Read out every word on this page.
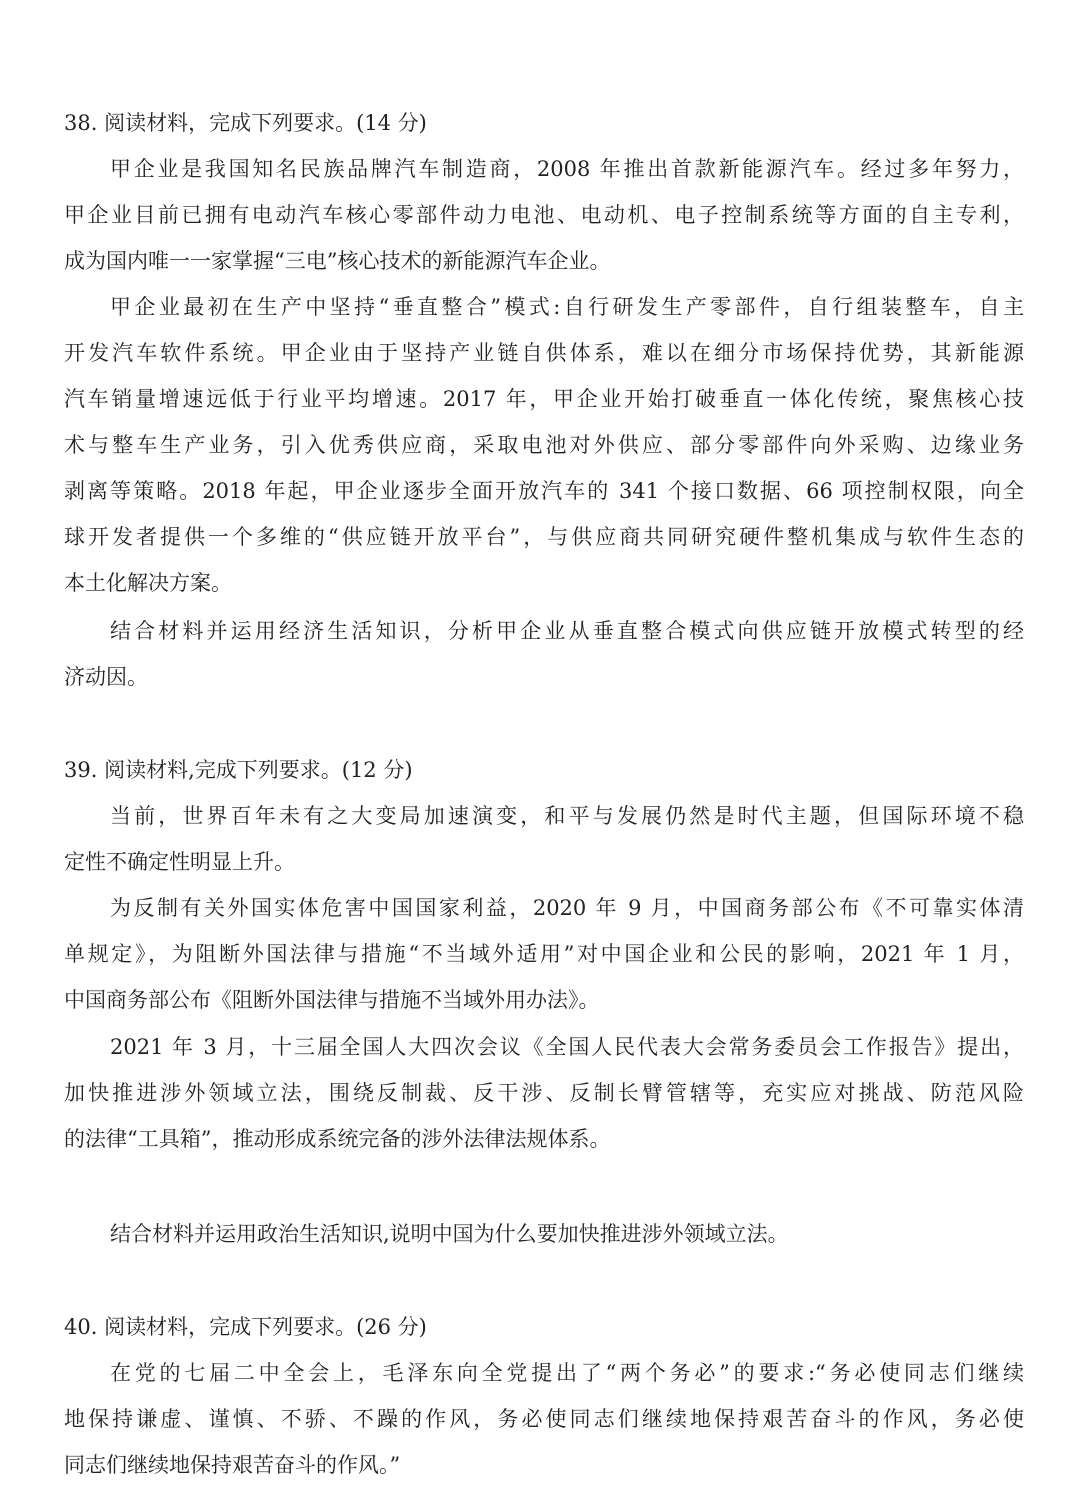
38. 阅读材料，完成下列要求。(14 分)
甲企业是我国知名民族品牌汽车制造商，2008 年推出首款新能源汽车。经过多年努力，
甲企业目前已拥有电动汽车核心零部件动力电池、电动机、电子控制系统等方面的自主专利，
成为国内唯一一家掌握“三电”核心技术的新能源汽车企业。
甲企业最初在生产中坚持“垂直整合”模式:自行研发生产零部件，自行组装整车，自主
开发汽车软件系统。甲企业由于坚持产业链自供体系，难以在细分市场保持优势，其新能源
汽车销量增速远低于行业平均增速。2017 年，甲企业开始打破垂直一体化传统，聚焦核心技
术与整车生产业务，引入优秀供应商，采取电池对外供应、部分零部件向外采购、边缘业务
剥离等策略。2018 年起，甲企业逐步全面开放汽车的 341 个接口数据、66 项控制权限，向全
球开发者提供一个多维的“供应链开放平台”，与供应商共同研究硬件整机集成与软件生态的
本土化解决方案。
结合材料并运用经济生活知识，分析甲企业从垂直整合模式向供应链开放模式转型的经
济动因。
39. 阅读材料,完成下列要求。(12 分)
当前，世界百年未有之大变局加速演变，和平与发展仍然是时代主题，但国际环境不稳
定性不确定性明显上升。
为反制有关外国实体危害中国国家利益，2020 年 9 月，中国商务部公布《不可靠实体清
单规定》，为阻断外国法律与措施“不当域外适用”对中国企业和公民的影响，2021 年 1 月，
中国商务部公布《阻断外国法律与措施不当域外用办法》。
2021 年 3 月，十三届全国人大四次会议《全国人民代表大会常务委员会工作报告》提出，
加快推进涉外领域立法，围绕反制裁、反干涉、反制长臂管辖等，充实应对挑战、防范风险
的法律“工具箱”，推动形成系统完备的涉外法律法规体系。
结合材料并运用政治生活知识,说明中国为什么要加快推进涉外领域立法。
40. 阅读材料，完成下列要求。(26 分)
在党的七届二中全会上，毛泽东向全党提出了“两个务必”的要求:“务必使同志们继续
地保持谦虚、谨慎、不骄、不躁的作风，务必使同志们继续地保持艰苦奋斗的作风，务必使
同志们继续地保持艰苦奋斗的作风。”
